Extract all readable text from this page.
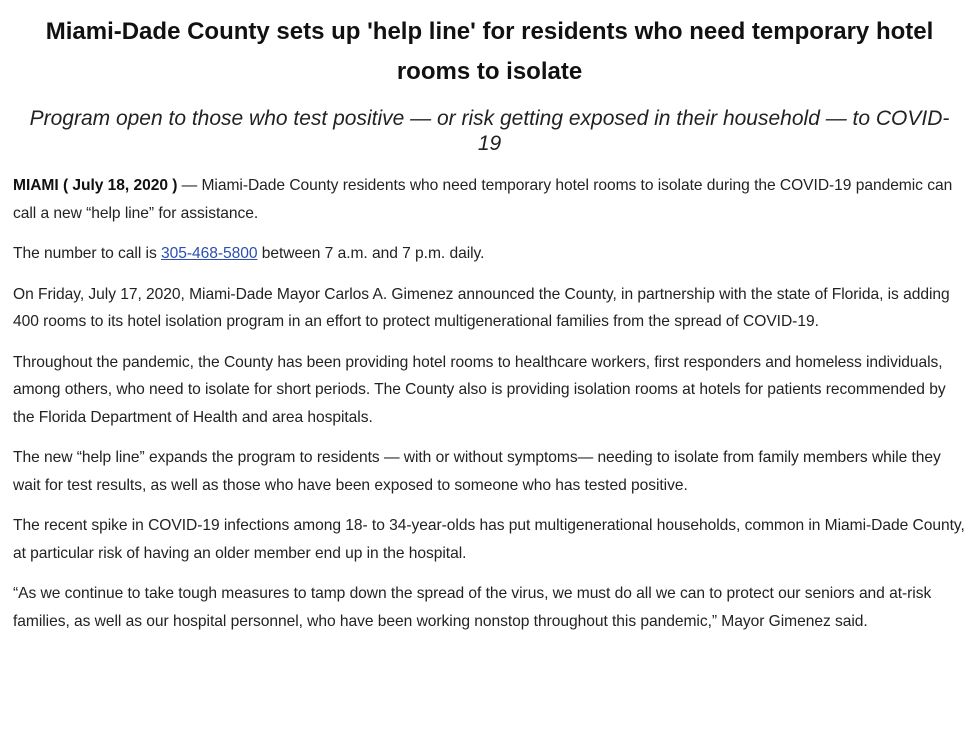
Miami-Dade County sets up 'help line' for residents who need temporary hotel rooms to isolate

Program open to those who test positive — or risk getting exposed in their household — to COVID-19

MIAMI ( July 18, 2020 ) — Miami-Dade County residents who need temporary hotel rooms to isolate during the COVID-19 pandemic can call a new “help line” for assistance.

The number to call is 305-468-5800 between 7 a.m. and 7 p.m. daily.

On Friday, July 17, 2020, Miami-Dade Mayor Carlos A. Gimenez announced the County, in partnership with the state of Florida, is adding 400 rooms to its hotel isolation program in an effort to protect multigenerational families from the spread of COVID-19.

Throughout the pandemic, the County has been providing hotel rooms to healthcare workers, first responders and homeless individuals, among others, who need to isolate for short periods. The County also is providing isolation rooms at hotels for patients recommended by the Florida Department of Health and area hospitals.

The new “help line” expands the program to residents — with or without symptoms— needing to isolate from family members while they wait for test results, as well as those who have been exposed to someone who has tested positive.

The recent spike in COVID-19 infections among 18- to 34-year-olds has put multigenerational households, common in Miami-Dade County, at particular risk of having an older member end up in the hospital.

“As we continue to take tough measures to tamp down the spread of the virus, we must do all we can to protect our seniors and at-risk families, as well as our hospital personnel, who have been working nonstop throughout this pandemic,” Mayor Gimenez said.
